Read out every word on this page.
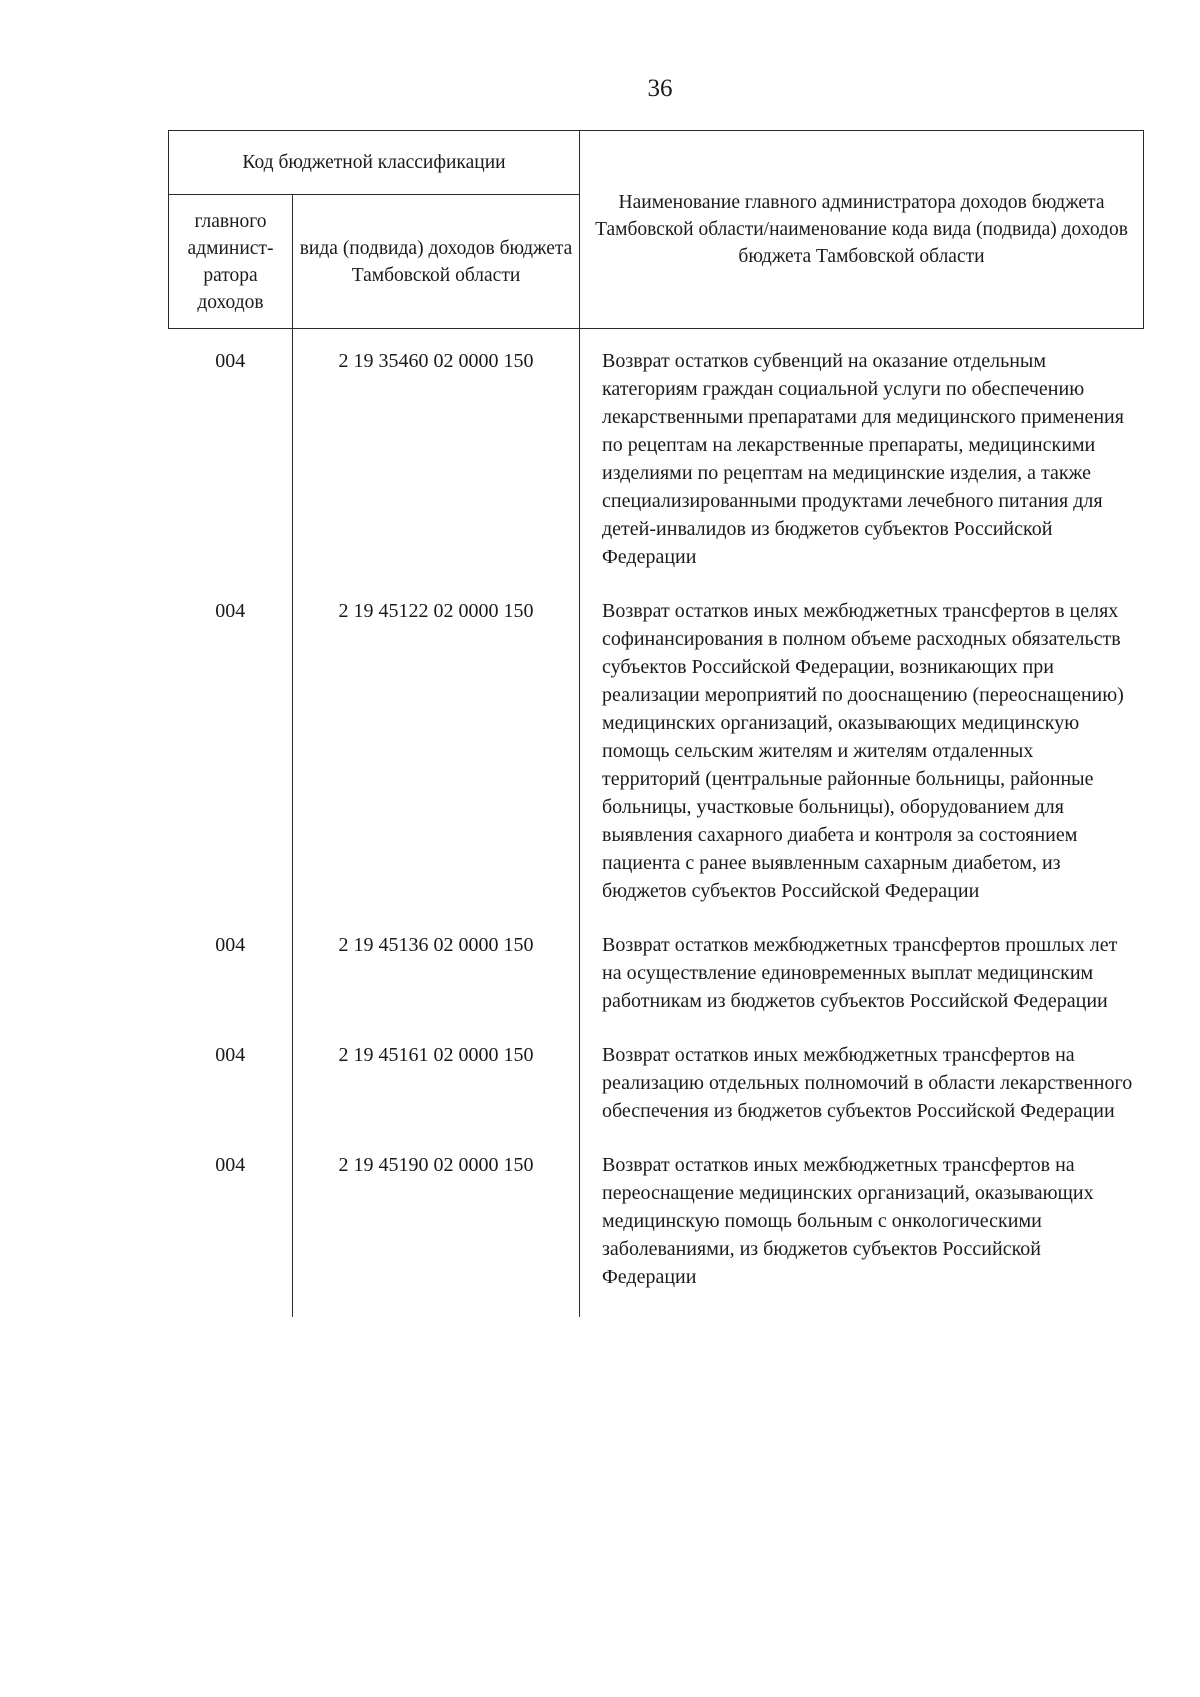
36
Код бюджетной классификации		Наименование главного администратора доходов бюджета Тамбовской области/наименование кода вида (подвида) доходов бюджета Тамбовской области
главного админист-ратора доходов	вида (подвида) доходов бюджета Тамбовской области	

004	2 19 35460 02 0000 150	Возврат остатков субвенций на оказание отдельным категориям граждан социальной услуги по обеспечению лекарственными препаратами для медицинского применения по рецептам на лекарственные препараты, медицинскими изделиями по рецептам на медицинские изделия, а также специализированными продуктами лечебного питания для детей-инвалидов из бюджетов субъектов Российской Федерации
004	2 19 45122 02 0000 150	Возврат остатков иных межбюджетных трансфертов в целях софинансирования в полном объеме расходных обязательств субъектов Российской Федерации, возникающих при реализации мероприятий по дооснащению (переоснащению) медицинских организаций, оказывающих медицинскую помощь сельским жителям и жителям отдаленных территорий (центральные районные больницы, районные больницы, участковые больницы), оборудованием для выявления сахарного диабета и контроля за состоянием пациента с ранее выявленным сахарным диабетом, из бюджетов субъектов Российской Федерации
004	2 19 45136 02 0000 150	Возврат остатков межбюджетных трансфертов прошлых лет на осуществление единовременных выплат медицинским работникам из бюджетов субъектов Российской Федерации
004	2 19 45161 02 0000 150	Возврат остатков иных межбюджетных трансфертов на реализацию отдельных полномочий в области лекарственного обеспечения из бюджетов субъектов Российской Федерации
004	2 19 45190 02 0000 150	Возврат остатков иных межбюджетных трансфертов на переоснащение медицинских организаций, оказывающих медицинскую помощь больным с онкологическими заболеваниями, из бюджетов субъектов Российской Федерации
